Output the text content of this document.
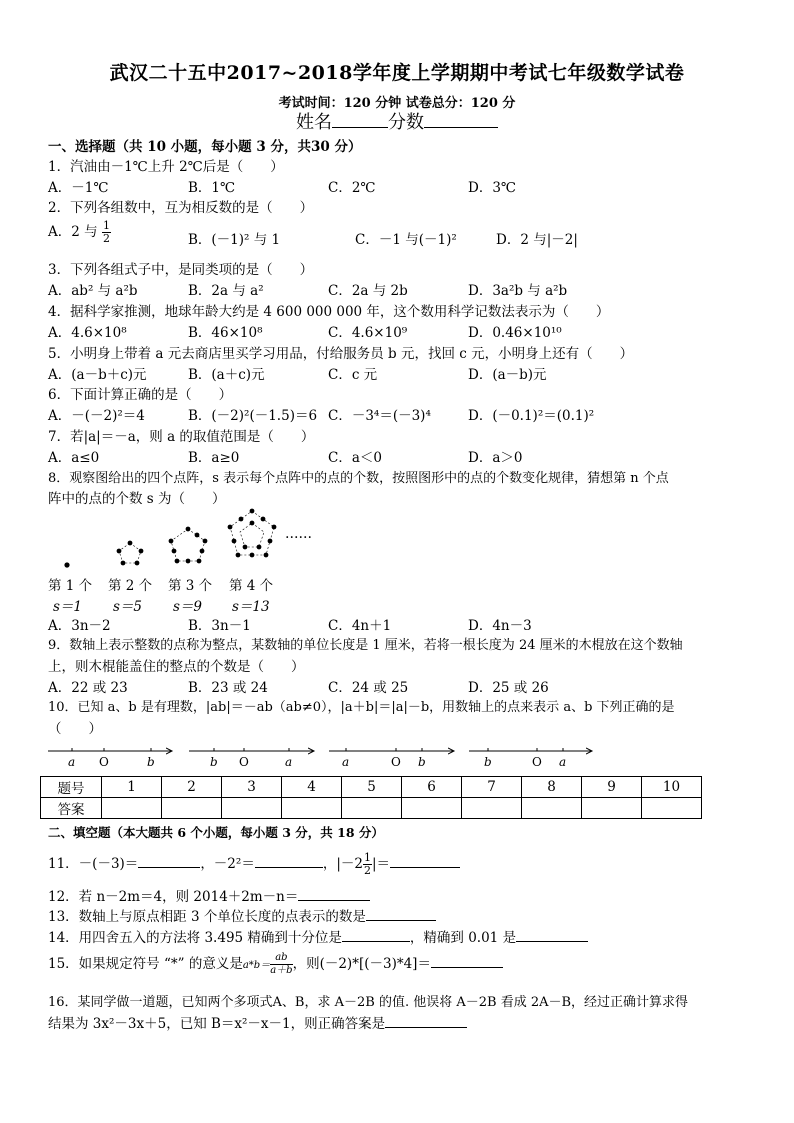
武汉二十五中2017~2018学年度上学期期中考试七年级数学试卷
考试时间：120 分钟 试卷总分：120 分
姓名	分数
一、选择题（共 10 小题，每小题 3 分，共30 分）
1．汽油由－1℃上升 2℃后是（　　）
A．－1℃	B．1℃	C．2℃	D．3℃
2．下列各组数中，互为相反数的是（　　）
A．2 与 $\frac{1}{2}$	B．(－1)² 与 1	C．－1 与(－1)²	D．2 与|－2|
3．下列各组式子中，是同类项的是（　　）
A．ab² 与 a²b	B．2a 与 a²	C．2a 与 2b	D．3a²b 与 a²b
4．据科学家推测，地球年龄大约是 4 600 000 000 年，这个数用科学记数法表示为（　　）
A．4.6×10⁸	B．46×10⁸	C．4.6×10⁹	D．0.46×10¹⁰
5．小明身上带着 a 元去商店里买学习用品，付给服务员 b 元，找回 c 元，小明身上还有（　　）
A．(a－b＋c)元	B．(a＋c)元	C．c 元	D．(a－b)元
6．下面计算正确的是（　　）
A．－(－2)²＝4	B．(－2)²(－1.5)＝6 C．－3⁴＝(－3)⁴	D．(－0.1)²＝(0.1)²
7．若|a|＝－a，则 a 的取值范围是（　　）
A．a≤0	B．a≥0	C．a＜0	D．a＞0
8．观察图给出的四个点阵，s 表示每个点阵中的点的个数，按照图形中的点的个数变化规律，猜想第 n 个点
阵中的点的个数 s 为（　　）
……
第 1 个 第 2 个 第 3 个 第 4 个
s＝1 s＝5 s＝9 s＝13
A．3n－2	B．3n－1	C．4n＋1	D．4n－3
9．数轴上表示整数的点称为整点，某数轴的单位长度是 1 厘米，若将一根长度为 24 厘米的木棍放在这个数轴
上，则木棍能盖住的整点的个数是（　　）
A．22 或 23	B．23 或 24	C．24 或 25	D．25 或 26
10．已知 a、b 是有理数，|ab|＝－ab（ab≠0），|a＋b|＝|a|－b，用数轴上的点来表示 a、b 下列正确的是
（　　）
a O	b	b O	a	a	O b	b	O a
题号	1	2	3	4	5	6	7	8	9	10
答案										
二、填空题（本大题共 6 个小题，每小题 3 分，共 18 分）
11．－(－3)＝	，－2²＝	，$|-2 \frac{1}{2}$ |＝
12．若 n－2m＝4，则 2014＋2m－n＝
13．数轴上与原点相距 3 个单位长度的点表示的数是
14．用四舍五入的方法将 3.495 精确到十分位是	，精确到 0.01 是
15．如果规定符号 “*” 的意义是$a*b= \frac{ab}{a+b}$ ，则(－2)*[(－3)*4]＝
16．某同学做一道题，已知两个多项式A、B，求 A－2B 的值. 他误将 A－2B 看成 2A－B，经过正确计算求得
结果为 3x²－3x＋5，已知 B＝x²－x－1，则正确答案是
